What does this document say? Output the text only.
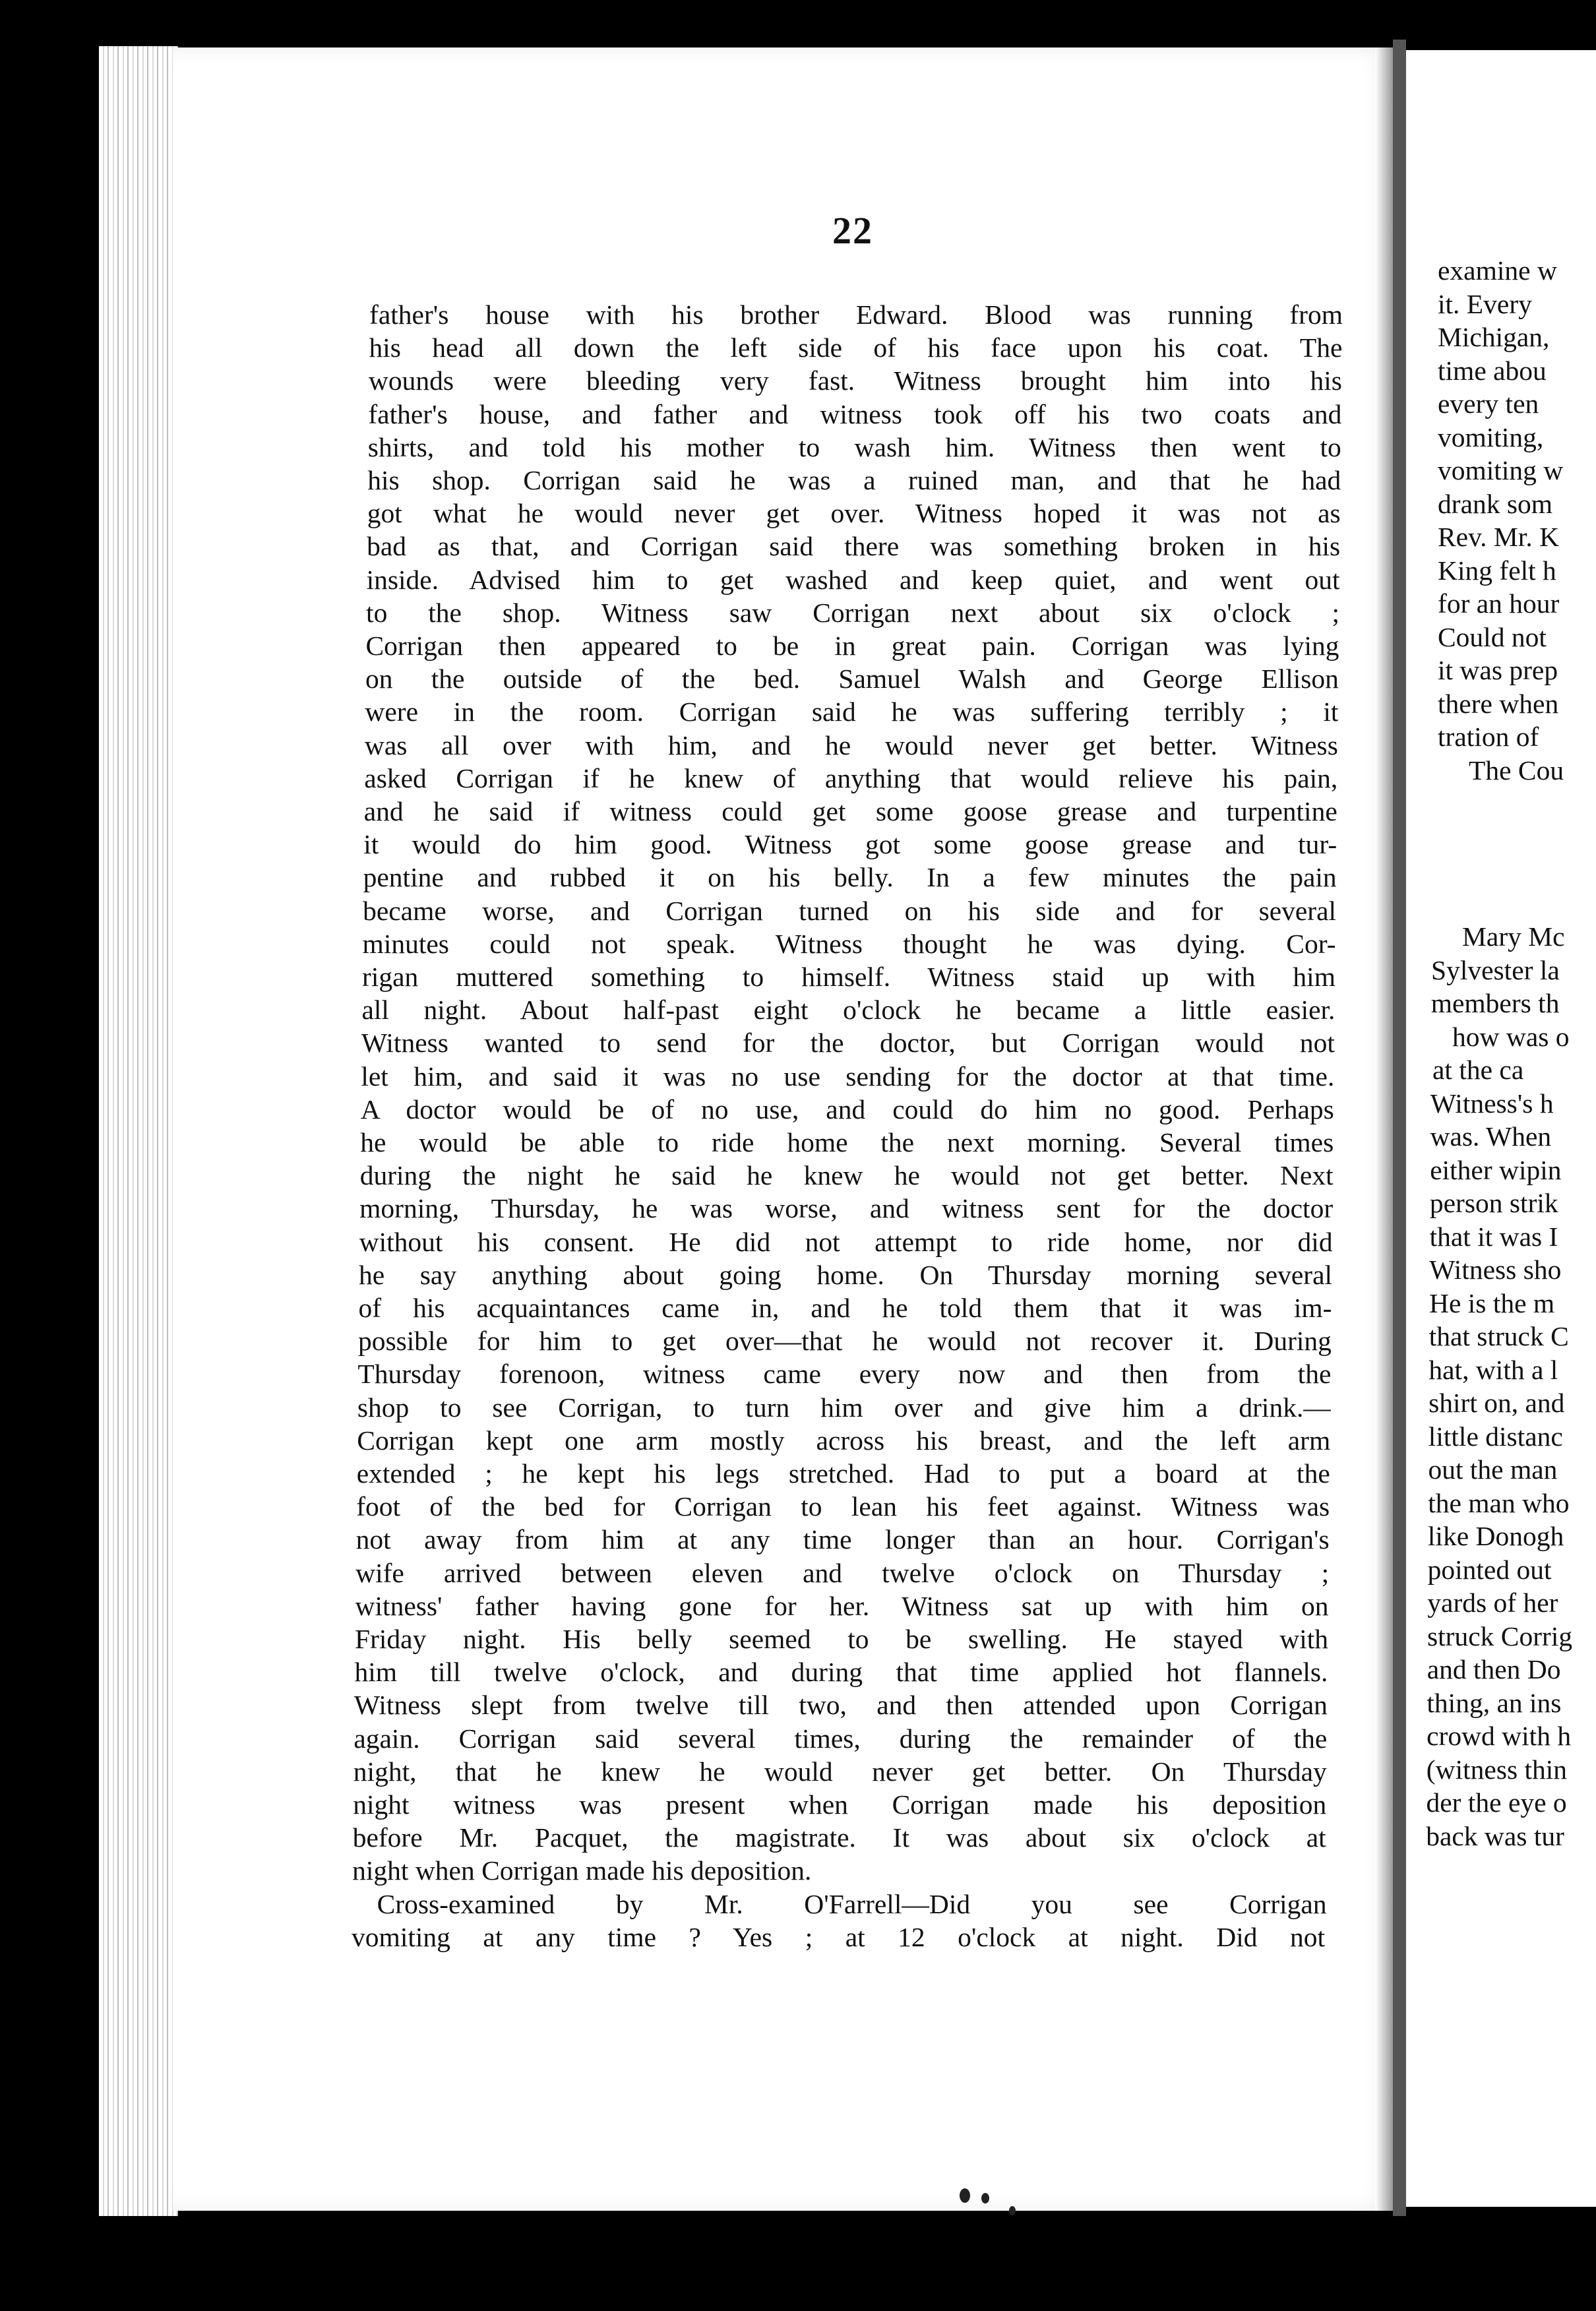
22
father's house with his brother Edward. Blood was running from
his head all down the left side of his face upon his coat. The
wounds were bleeding very fast. Witness brought him into his
father's house, and father and witness took off his two coats and
shirts, and told his mother to wash him. Witness then went to
his shop. Corrigan said he was a ruined man, and that he had
got what he would never get over. Witness hoped it was not as
bad as that, and Corrigan said there was something broken in his
inside. Advised him to get washed and keep quiet, and went out
to the shop. Witness saw Corrigan next about six o'clock ;
Corrigan then appeared to be in great pain. Corrigan was lying
on the outside of the bed. Samuel Walsh and George Ellison
were in the room. Corrigan said he was suffering terribly ; it
was all over with him, and he would never get better. Witness
asked Corrigan if he knew of anything that would relieve his pain,
and he said if witness could get some goose grease and turpentine
it would do him good. Witness got some goose grease and tur-
pentine and rubbed it on his belly. In a few minutes the pain
became worse, and Corrigan turned on his side and for several
minutes could not speak. Witness thought he was dying. Cor-
rigan muttered something to himself. Witness staid up with him
all night. About half-past eight o'clock he became a little easier.
Witness wanted to send for the doctor, but Corrigan would not
let him, and said it was no use sending for the doctor at that time.
A doctor would be of no use, and could do him no good. Perhaps
he would be able to ride home the next morning. Several times
during the night he said he knew he would not get better. Next
morning, Thursday, he was worse, and witness sent for the doctor
without his consent. He did not attempt to ride home, nor did
he say anything about going home. On Thursday morning several
of his acquaintances came in, and he told them that it was im-
possible for him to get over—that he would not recover it. During
Thursday forenoon, witness came every now and then from the
shop to see Corrigan, to turn him over and give him a drink.—
Corrigan kept one arm mostly across his breast, and the left arm
extended ; he kept his legs stretched. Had to put a board at the
foot of the bed for Corrigan to lean his feet against. Witness was
not away from him at any time longer than an hour. Corrigan's
wife arrived between eleven and twelve o'clock on Thursday ;
witness' father having gone for her. Witness sat up with him on
Friday night. His belly seemed to be swelling. He stayed with
him till twelve o'clock, and during that time applied hot flannels.
Witness slept from twelve till two, and then attended upon Corrigan
again. Corrigan said several times, during the remainder of the
night, that he knew he would never get better. On Thursday
night witness was present when Corrigan made his deposition
before Mr. Pacquet, the magistrate. It was about six o'clock at
night when Corrigan made his deposition.
Cross-examined by Mr. O'Farrell—Did you see Corrigan
vomiting at any time ? Yes ; at 12 o'clock at night. Did not
examine w
it. Every
Michigan,
time abou
every ten
vomiting,
vomiting w
drank som
Rev. Mr. K
King felt h
for an hour
Could not
it was prep
there when
tration of
The Cou
Mary Mc
Sylvester la
members th
how was o
at the ca
Witness's h
was. When
either wipin
person strik
that it was I
Witness sho
He is the m
that struck C
hat, with a l
shirt on, and
little distanc
out the man
the man who
like Donogh
pointed out
yards of her
struck Corrig
and then Do
thing, an ins
crowd with h
(witness thin
der the eye o
back was tur
